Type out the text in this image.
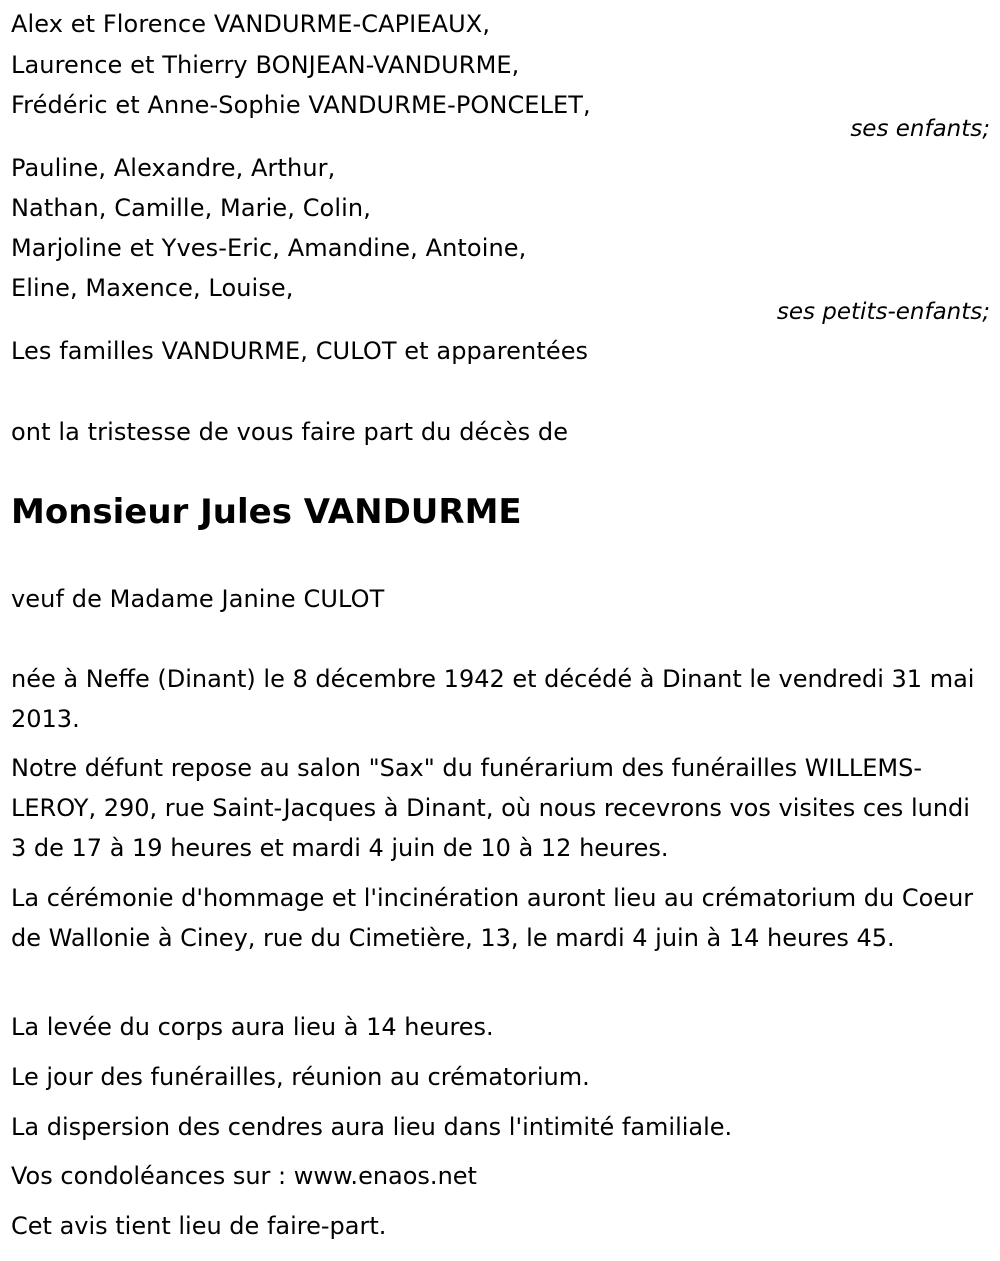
Alex et Florence VANDURME-CAPIEAUX,
Laurence et Thierry BONJEAN-VANDURME,
Frédéric et Anne-Sophie VANDURME-PONCELET,
ses enfants;
Pauline, Alexandre, Arthur,
Nathan, Camille, Marie, Colin,
Marjoline et Yves-Eric, Amandine, Antoine,
Eline, Maxence, Louise,
ses petits-enfants;
Les familles VANDURME, CULOT et apparentées
ont la tristesse de vous faire part du décès de
Monsieur Jules VANDURME
veuf de Madame Janine CULOT
née à Neffe (Dinant) le 8 décembre 1942 et décédé à Dinant le vendredi 31 mai 2013.
Notre défunt repose au salon "Sax" du funérarium des funérailles WILLEMS-LEROY, 290, rue Saint-Jacques à Dinant, où nous recevrons vos visites ces lundi 3 de 17 à 19 heures et mardi 4 juin de 10 à 12 heures.
La cérémonie d'hommage et l'incinération auront lieu au crématorium du Coeur de Wallonie à Ciney, rue du Cimetière, 13, le mardi 4 juin à 14 heures 45.
La levée du corps aura lieu à 14 heures.
Le jour des funérailles, réunion au crématorium.
La dispersion des cendres aura lieu dans l'intimité familiale.
Vos condoléances sur : www.enaos.net
Cet avis tient lieu de faire-part.
